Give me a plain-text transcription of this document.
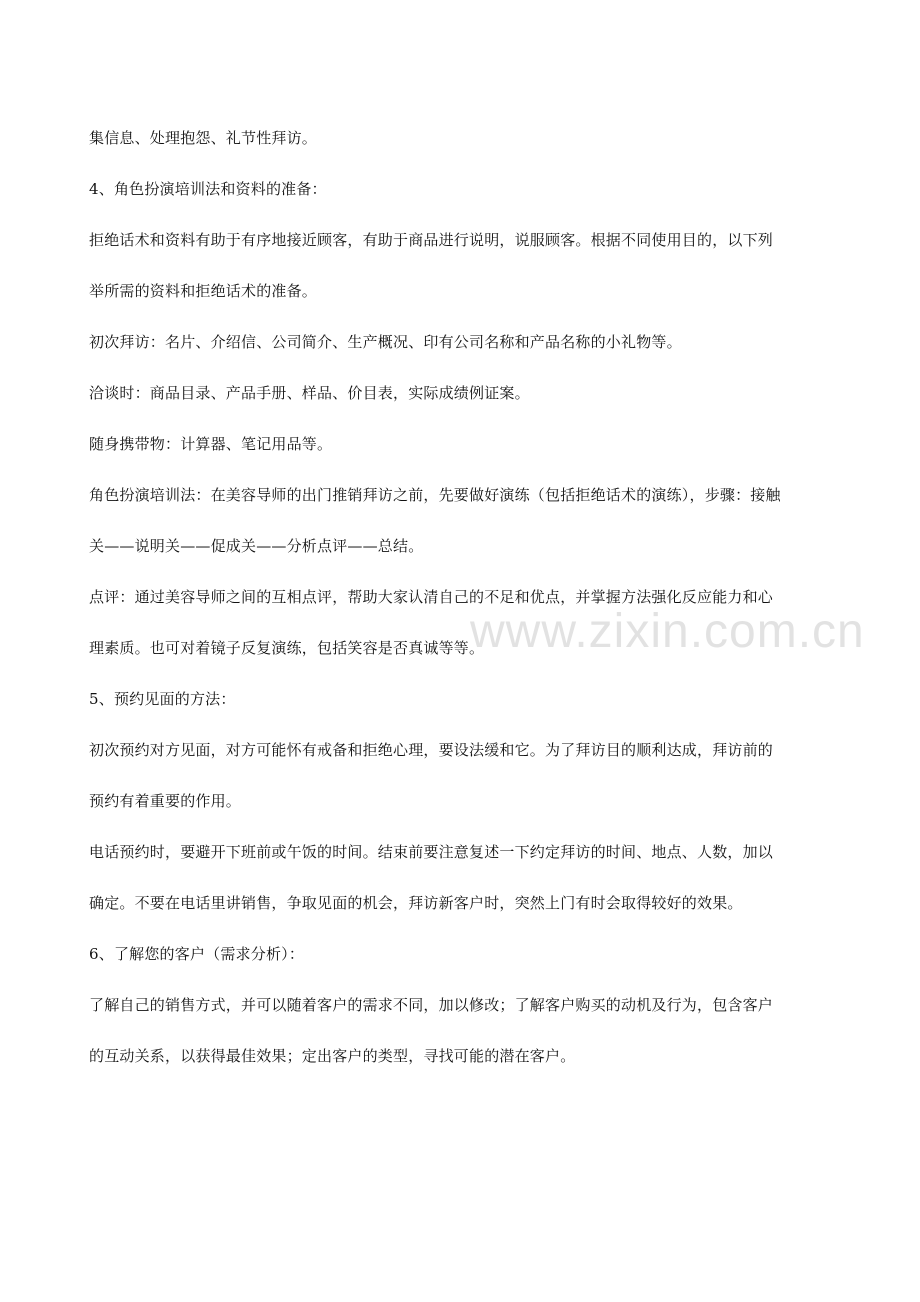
集信息、处理抱怨、礼节性拜访。
4、角色扮演培训法和资料的准备：
拒绝话术和资料有助于有序地接近顾客，有助于商品进行说明，说服顾客。根据不同使用目的，以下列
举所需的资料和拒绝话术的准备。
初次拜访：名片、介绍信、公司简介、生产概况、印有公司名称和产品名称的小礼物等。
洽谈时：商品目录、产品手册、样品、价目表，实际成绩例证案。
随身携带物：计算器、笔记用品等。
角色扮演培训法：在美容导师的出门推销拜访之前，先要做好演练（包括拒绝话术的演练），步骤：接触
关——说明关——促成关——分析点评——总结。
点评：通过美容导师之间的互相点评，帮助大家认清自己的不足和优点，并掌握方法强化反应能力和心
理素质。也可对着镜子反复演练，包括笑容是否真诚等等。
5、预约见面的方法：
初次预约对方见面，对方可能怀有戒备和拒绝心理，要设法缓和它。为了拜访目的顺利达成，拜访前的
预约有着重要的作用。
电话预约时，要避开下班前或午饭的时间。结束前要注意复述一下约定拜访的时间、地点、人数，加以
确定。不要在电话里讲销售，争取见面的机会，拜访新客户时，突然上门有时会取得较好的效果。
6、了解您的客户（需求分析）：
了解自己的销售方式，并可以随着客户的需求不同，加以修改；了解客户购买的动机及行为，包含客户
的互动关系，以获得最佳效果；定出客户的类型，寻找可能的潜在客户。
www.zixin.com.cn
